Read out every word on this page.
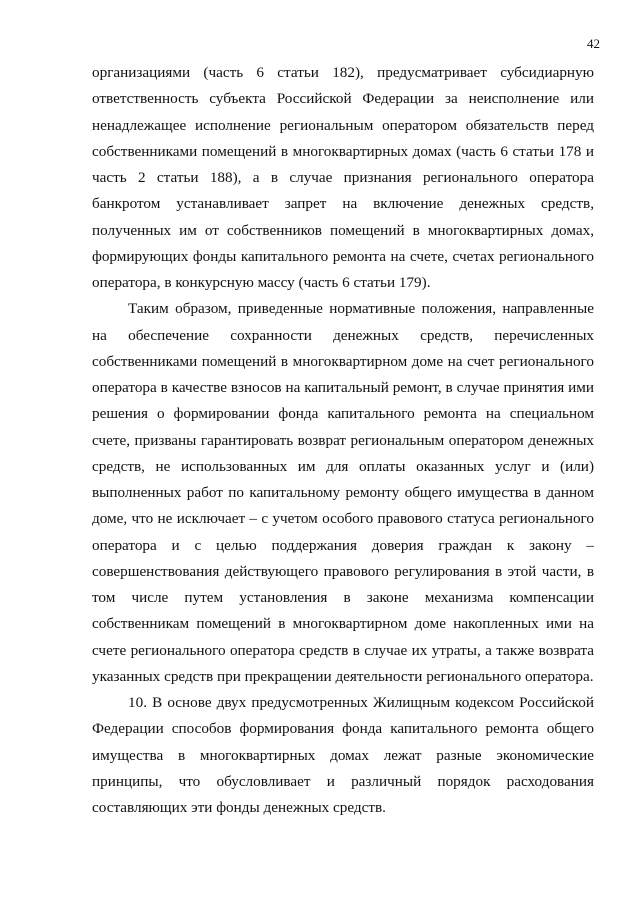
42
организациями (часть 6 статьи 182), предусматривает субсидиарную
ответственность субъекта Российской Федерации за неисполнение или
ненадлежащее исполнение региональным оператором обязательств перед
собственниками помещений в многоквартирных домах (часть 6 статьи 178 и
часть 2 статьи 188), а в случае признания регионального оператора
банкротом устанавливает запрет на включение денежных средств,
полученных им от собственников помещений в многоквартирных домах,
формирующих фонды капитального ремонта на счете, счетах регионального
оператора, в конкурсную массу (часть 6 статьи 179).
Таким образом, приведенные нормативные положения, направленные
на обеспечение сохранности денежных средств, перечисленных
собственниками помещений в многоквартирном доме на счет регионального
оператора в качестве взносов на капитальный ремонт, в случае принятия ими
решения о формировании фонда капитального ремонта на специальном
счете, призваны гарантировать возврат региональным оператором денежных
средств, не использованных им для оплаты оказанных услуг и (или)
выполненных работ по капитальному ремонту общего имущества в данном
доме, что не исключает – с учетом особого правового статуса регионального
оператора и с целью поддержания доверия граждан к закону –
совершенствования действующего правового регулирования в этой части, в
том числе путем установления в законе механизма компенсации
собственникам помещений в многоквартирном доме накопленных ими на
счете регионального оператора средств в случае их утраты, а также возврата
указанных средств при прекращении деятельности регионального оператора.
10. В основе двух предусмотренных Жилищным кодексом Российской
Федерации способов формирования фонда капитального ремонта общего
имущества в многоквартирных домах лежат разные экономические
принципы, что обусловливает и различный порядок расходования
составляющих эти фонды денежных средств.
